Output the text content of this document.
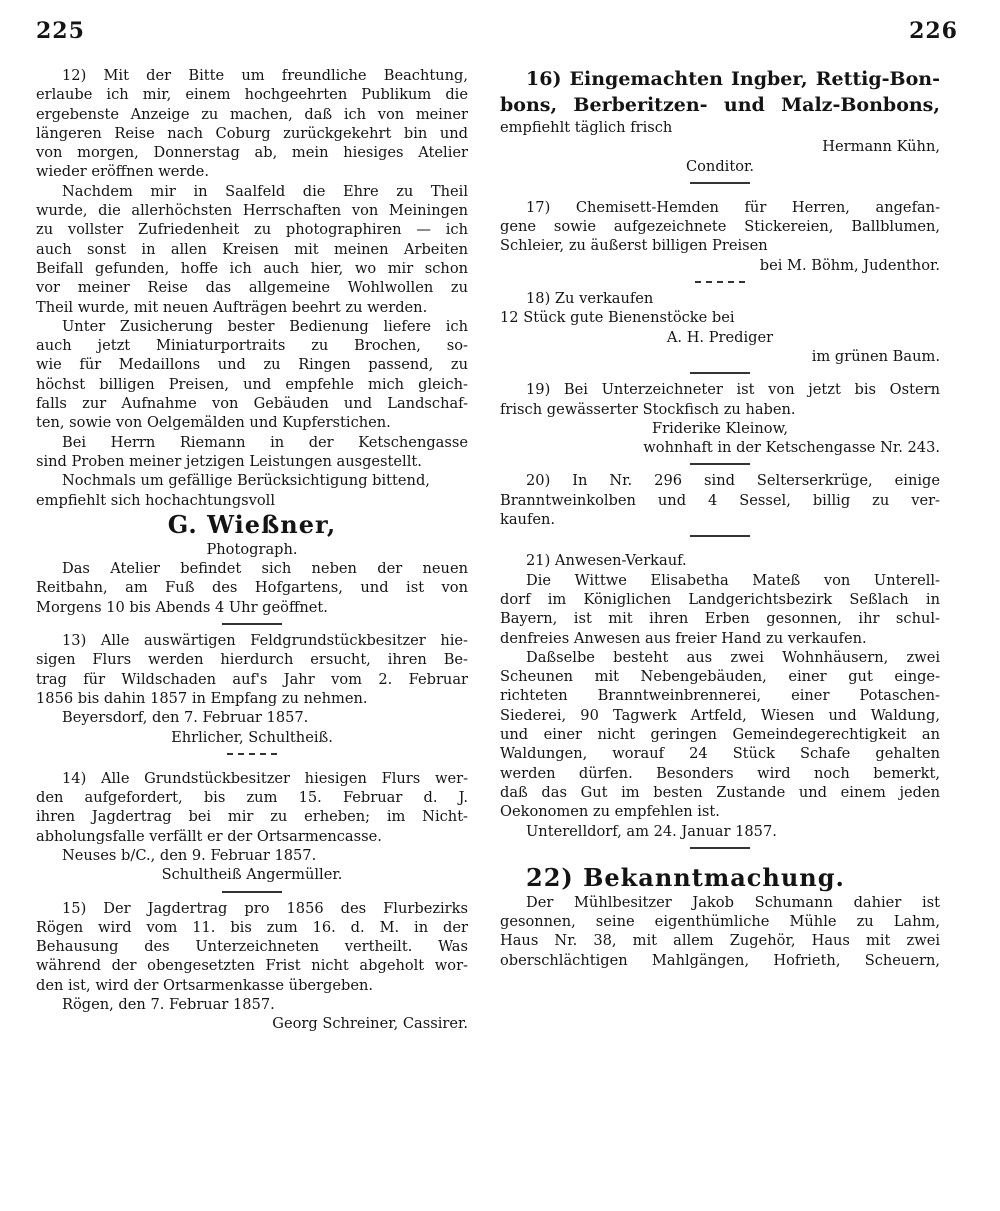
225	226
12) Mit der Bitte um freundliche Beachtung,
erlaube ich mir, einem hochgeehrten Publikum die
ergebenste Anzeige zu machen, daß ich von meiner
längeren Reise nach Coburg zurückgekehrt bin und
von morgen, Donnerstag ab, mein hiesiges Atelier
wieder eröffnen werde.
Nachdem mir in Saalfeld die Ehre zu Theil
wurde, die allerhöchsten Herrschaften von Meiningen
zu vollster Zufriedenheit zu photographiren — ich
auch sonst in allen Kreisen mit meinen Arbeiten
Beifall gefunden, hoffe ich auch hier, wo mir schon
vor meiner Reise das allgemeine Wohlwollen zu
Theil wurde, mit neuen Aufträgen beehrt zu werden.
Unter Zusicherung bester Bedienung liefere ich
auch jetzt Miniaturportraits zu Brochen, so-
wie für Medaillons und zu Ringen passend, zu
höchst billigen Preisen, und empfehle mich gleich-
falls zur Aufnahme von Gebäuden und Landschaf-
ten, sowie von Oelgemälden und Kupferstichen.
Bei Herrn Riemann in der Ketschengasse
sind Proben meiner jetzigen Leistungen ausgestellt.
Nochmals um gefällige Berücksichtigung bittend,
empfiehlt sich hochachtungsvoll
G. Wießner,
Photograph.
Das Atelier befindet sich neben der neuen
Reitbahn, am Fuß des Hofgartens, und ist von
Morgens 10 bis Abends 4 Uhr geöffnet.
13) Alle auswärtigen Feldgrundstückbesitzer hie-
sigen Flurs werden hierdurch ersucht, ihren Be-
trag für Wildschaden auf's Jahr vom 2. Februar
1856 bis dahin 1857 in Empfang zu nehmen.
Beyersdorf, den 7. Februar 1857.
Ehrlicher, Schultheiß.
14) Alle Grundstückbesitzer hiesigen Flurs wer-
den aufgefordert, bis zum 15. Februar d. J.
ihren Jagdertrag bei mir zu erheben; im Nicht-
abholungsfalle verfällt er der Ortsarmencasse.
Neuses b/C., den 9. Februar 1857.
Schultheiß Angermüller.
15) Der Jagdertrag pro 1856 des Flurbezirks
Rögen wird vom 11. bis zum 16. d. M. in der
Behausung des Unterzeichneten vertheilt. Was
während der obengesetzten Frist nicht abgeholt wor-
den ist, wird der Ortsarmenkasse übergeben.
Rögen, den 7. Februar 1857.
Georg Schreiner, Cassirer.
16) Eingemachten Ingber, Rettig-Bon-
bons, Berberitzen- und Malz-Bonbons,
empfiehlt täglich frisch
Hermann Kühn,
Conditor.
17) Chemisett-Hemden für Herren, angefan-
gene sowie aufgezeichnete Stickereien, Ballblumen,
Schleier, zu äußerst billigen Preisen
bei M. Böhm, Judenthor.
18) Zu verkaufen
12 Stück gute Bienenstöcke bei
A. H. Prediger
im grünen Baum.
19) Bei Unterzeichneter ist von jetzt bis Ostern
frisch gewässerter Stockfisch zu haben.
Friderike Kleinow,
wohnhaft in der Ketschengasse Nr. 243.
20) In Nr. 296 sind Selterserkrüge, einige
Branntweinkolben und 4 Sessel, billig zu ver-
kaufen.
21) Anwesen-Verkauf.
Die Wittwe Elisabetha Mateß von Unterell-
dorf im Königlichen Landgerichtsbezirk Seßlach in
Bayern, ist mit ihren Erben gesonnen, ihr schul-
denfreies Anwesen aus freier Hand zu verkaufen.
Daßselbe besteht aus zwei Wohnhäusern, zwei
Scheunen mit Nebengebäuden, einer gut einge-
richteten Branntweinbrennerei, einer Potaschen-
Siederei, 90 Tagwerk Artfeld, Wiesen und Waldung,
und einer nicht geringen Gemeindegerechtigkeit an
Waldungen, worauf 24 Stück Schafe gehalten
werden dürfen. Besonders wird noch bemerkt,
daß das Gut im besten Zustande und einem jeden
Oekonomen zu empfehlen ist.
Unterelldorf, am 24. Januar 1857.
22) Bekanntmachung.
Der Mühlbesitzer Jakob Schumann dahier ist
gesonnen, seine eigenthümliche Mühle zu Lahm,
Haus Nr. 38, mit allem Zugehör, Haus mit zwei
oberschlächtigen Mahlgängen, Hofrieth, Scheuern,
